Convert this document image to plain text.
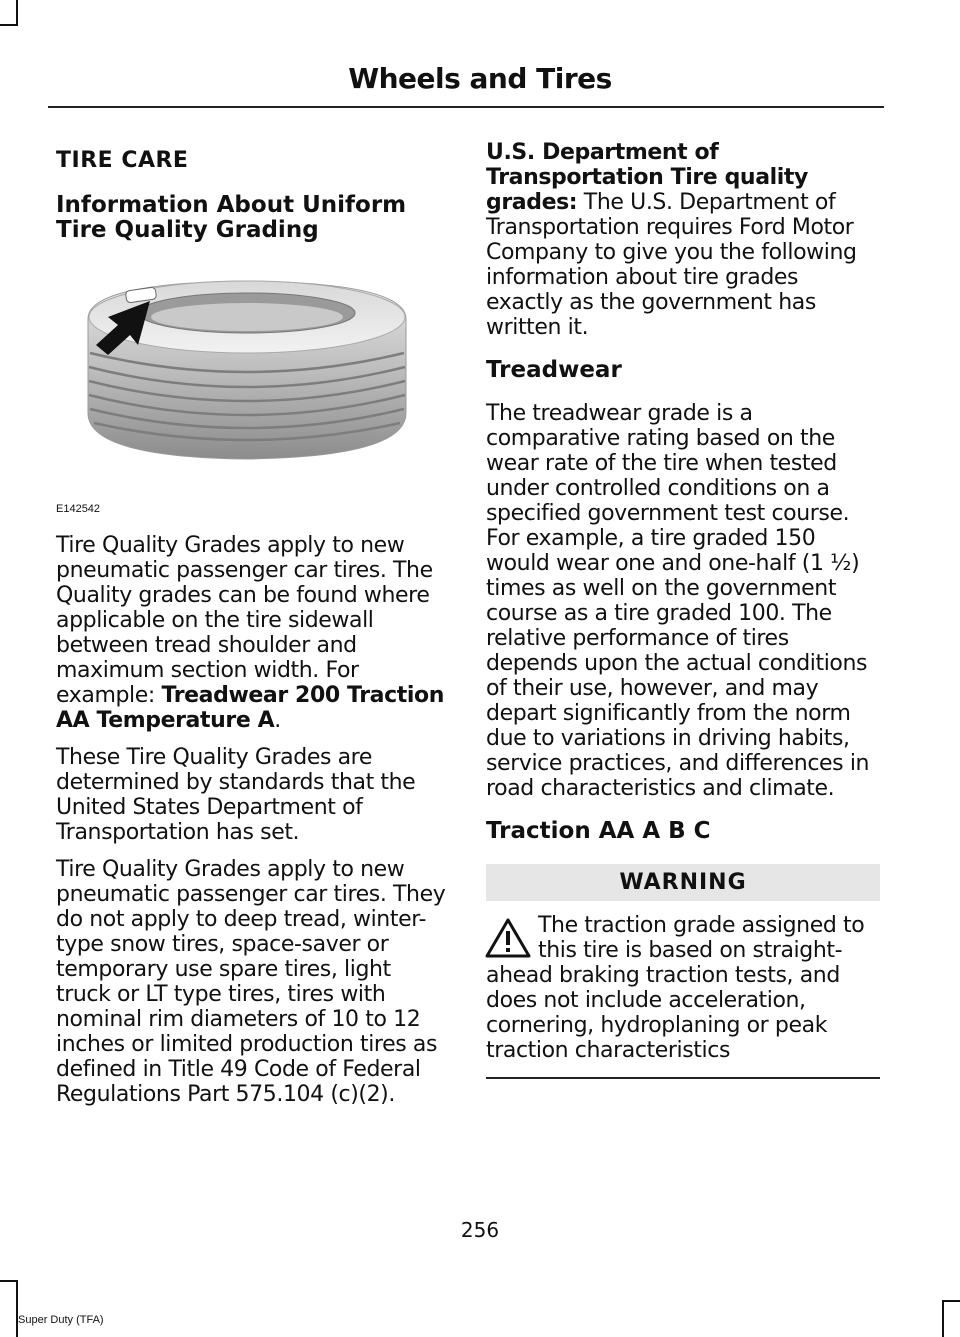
Wheels and Tires
TIRE CARE
Information About Uniform Tire Quality Grading
E142542

Tire Quality Grades apply to new pneumatic passenger car tires. The Quality grades can be found where applicable on the tire sidewall between tread shoulder and maximum section width. For example: Treadwear 200 Traction AA Temperature A.

These Tire Quality Grades are determined by standards that the United States Department of Transportation has set.

Tire Quality Grades apply to new pneumatic passenger car tires. They do not apply to deep tread, winter-type snow tires, space-saver or temporary use spare tires, light truck or LT type tires, tires with nominal rim diameters of 10 to 12 inches or limited production tires as defined in Title 49 Code of Federal Regulations Part 575.104 (c)(2).

U.S. Department of Transportation Tire quality grades: The U.S. Department of Transportation requires Ford Motor Company to give you the following information about tire grades exactly as the government has written it.

Treadwear

The treadwear grade is a comparative rating based on the wear rate of the tire when tested under controlled conditions on a specified government test course. For example, a tire graded 150 would wear one and one-half (1 ½) times as well on the government course as a tire graded 100. The relative performance of tires depends upon the actual conditions of their use, however, and may depart significantly from the norm due to variations in driving habits, service practices, and differences in road characteristics and climate.

Traction AA A B C
WARNING

The traction grade assigned to this tire is based on straight-ahead braking traction tests, and does not include acceleration, cornering, hydroplaning or peak traction characteristics

256
Super Duty (TFA)
